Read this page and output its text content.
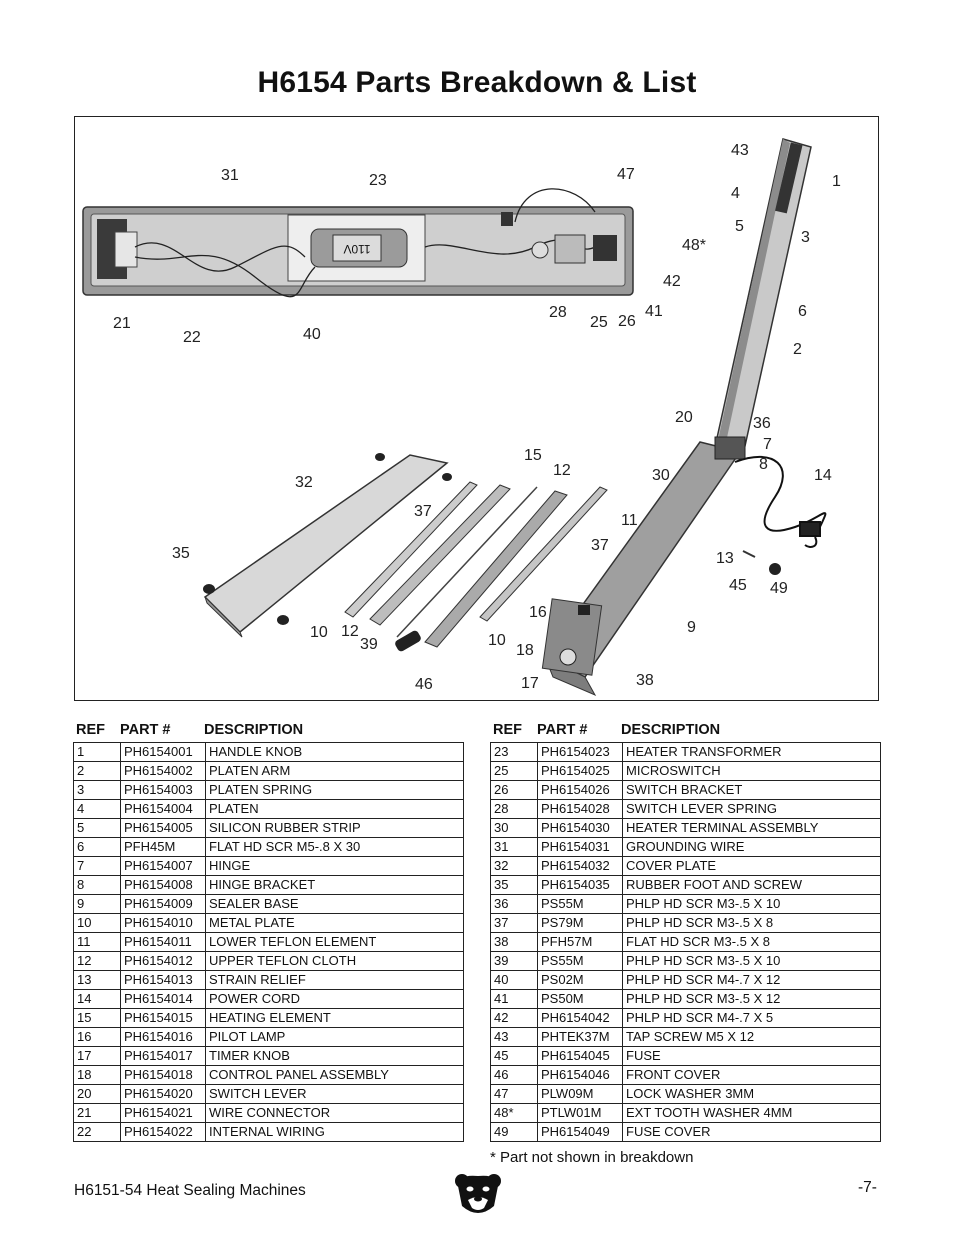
H6154 Parts Breakdown & List
110V
43
1
4
3
5
47
48*
42
41
26
25
28
31	23
21
22	40
6
2
20	36
7
8
14
30
15
12
32
37
37
11
35	13
45 49
10 12
39
16
10
18
9
46	17	38
REF PART # DESCRIPTION
1	PH6154001	HANDLE KNOB
2	PH6154002	PLATEN ARM
3	PH6154003	PLATEN SPRING
4	PH6154004	PLATEN
5	PH6154005	SILICON RUBBER STRIP
6	PFH45M	FLAT HD SCR M5-.8 X 30
7	PH6154007	HINGE
8	PH6154008	HINGE BRACKET
9	PH6154009	SEALER BASE
10	PH6154010	METAL PLATE
11	PH6154011	LOWER TEFLON ELEMENT
12	PH6154012	UPPER TEFLON CLOTH
13	PH6154013	STRAIN RELIEF
14	PH6154014	POWER CORD
15	PH6154015	HEATING ELEMENT
16	PH6154016	PILOT LAMP
17	PH6154017	TIMER KNOB
18	PH6154018	CONTROL PANEL ASSEMBLY
20	PH6154020	SWITCH LEVER
21	PH6154021	WIRE CONNECTOR
22	PH6154022	INTERNAL WIRING
REF PART # DESCRIPTION
23	PH6154023	HEATER TRANSFORMER
25	PH6154025	MICROSWITCH
26	PH6154026	SWITCH BRACKET
28	PH6154028	SWITCH LEVER SPRING
30	PH6154030	HEATER TERMINAL ASSEMBLY
31	PH6154031	GROUNDING WIRE
32	PH6154032	COVER PLATE
35	PH6154035	RUBBER FOOT AND SCREW
36	PS55M	PHLP HD SCR M3-.5 X 10
37	PS79M	PHLP HD SCR M3-.5 X 8
38	PFH57M	FLAT HD SCR M3-.5 X 8
39	PS55M	PHLP HD SCR M3-.5 X 10
40	PS02M	PHLP HD SCR M4-.7 X 12
41	PS50M	PHLP HD SCR M3-.5 X 12
42	PH6154042	PHLP HD SCR M4-.7 X 5
43	PHTEK37M	TAP SCREW M5 X 12
45	PH6154045	FUSE
46	PH6154046	FRONT COVER
47	PLW09M	LOCK WASHER 3MM
48*	PTLW01M	EXT TOOTH WASHER 4MM
49	PH6154049	FUSE COVER
* Part not shown in breakdown
H6151-54 Heat Sealing Machines	-7-
